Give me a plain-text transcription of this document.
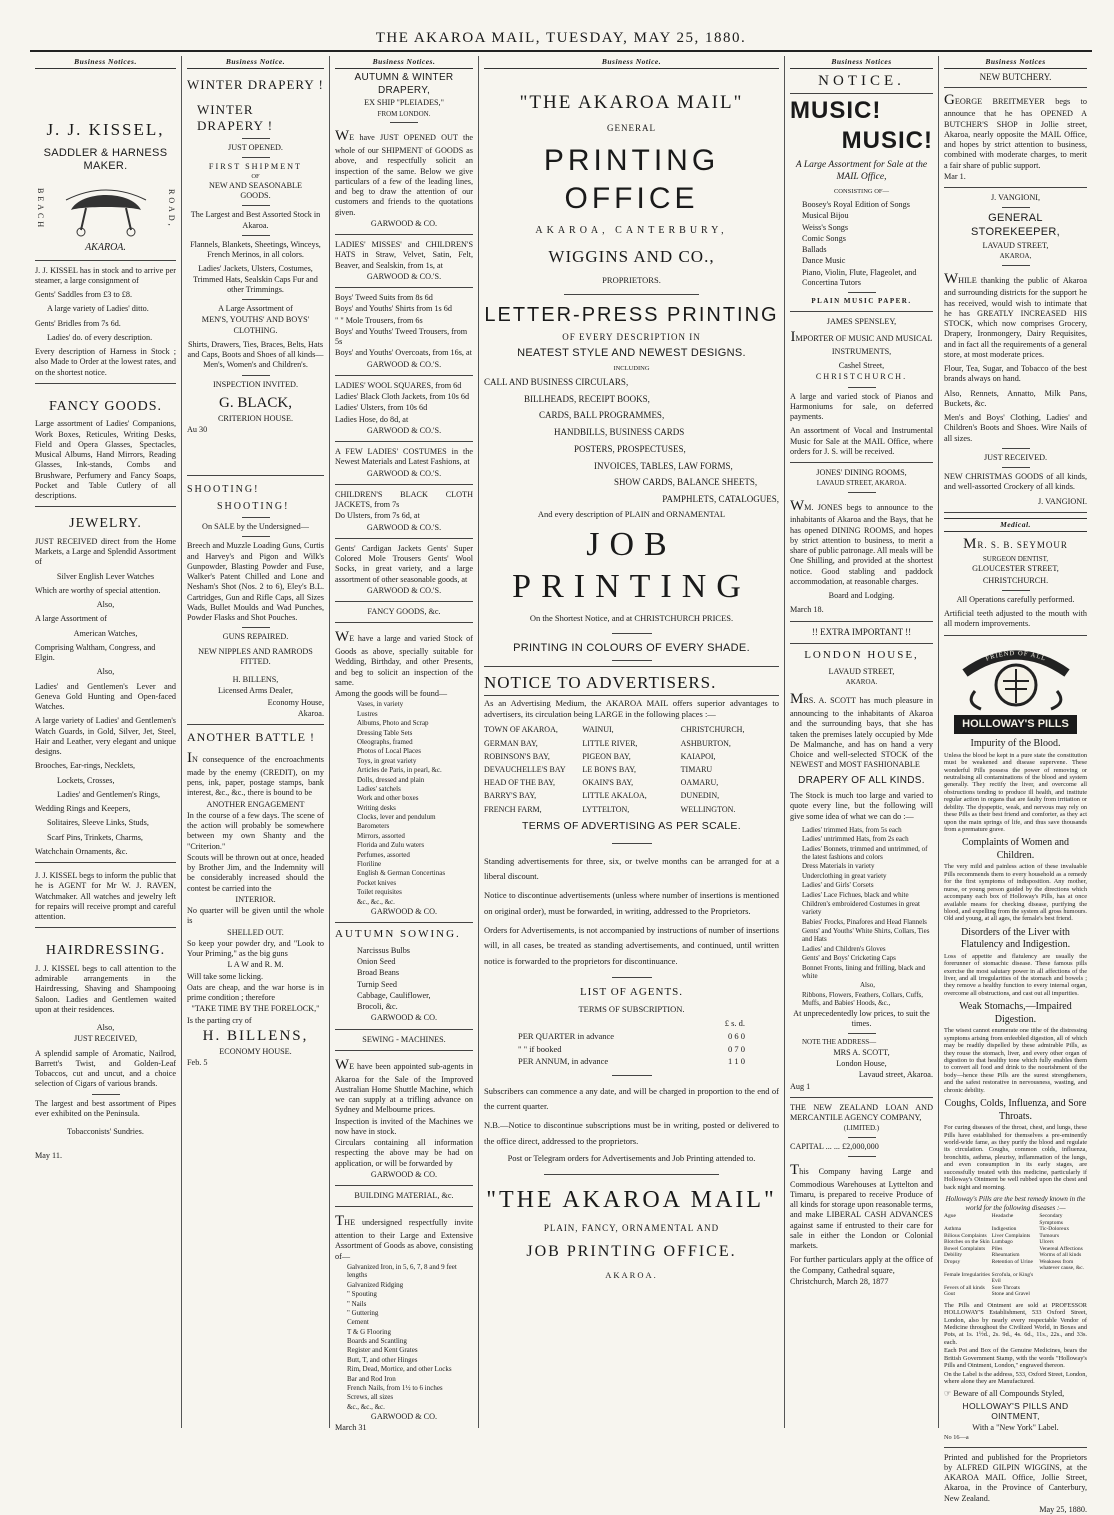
THE AKAROA MAIL, TUESDAY, MAY 25, 1880.
Business Notices.
J. J. KISSEL,
SADDLER & HARNESS MAKER.
BEACH	ROAD,
AKAROA.

J. J. KISSEL has in stock and to arrive per steamer, a large consignment of

Gents' Saddles from £3 to £8.

A large variety of Ladies' ditto.

Gents' Bridles from 7s 6d.

Ladies' do. of every description.

Every description of Harness in Stock ; also Made to Order at the lowest rates, and on the shortest notice.

FANCY GOODS.

Large assortment of Ladies' Companions, Work Boxes, Reticules, Writing Desks, Field and Opera Glasses, Spectacles, Musical Albums, Hand Mirrors, Reading Glasses, Ink-stands, Combs and Brushware, Perfumery and Fancy Soaps, Pocket and Table Cutlery of all descriptions.

JEWELRY.

JUST RECEIVED direct from the Home Markets, a Large and Splendid Assortment of

Silver English Lever Watches

Which are worthy of special attention.

Also,

A large Assortment of

American Watches,

Comprising Waltham, Congress, and Elgin.

Also,

Ladies' and Gentlemen's Lever and Geneva Gold Hunting and Open-faced Watches.

A large variety of Ladies' and Gentlemen's Watch Guards, in Gold, Silver, Jet, Steel, Hair and Leather, very elegant and unique designs.

Brooches, Ear-rings, Necklets,

Lockets, Crosses,

Ladies' and Gentlemen's Rings,

Wedding Rings and Keepers,

Solitaires, Sleeve Links, Studs,

Scarf Pins, Trinkets, Charms,

Watchchain Ornaments, &c.

J. J. KISSEL begs to inform the public that he is AGENT for Mr W. J. RAVEN, Watchmaker. All watches and jewelry left for repairs will receive prompt and careful attention.

HAIRDRESSING.

J. J. KISSEL begs to call attention to the admirable arrangements in the Hairdressing, Shaving and Shampooing Saloon. Ladies and Gentlemen waited upon at their residences.

Also,

JUST RECEIVED,

A splendid sample of Aromatic, Nailrod, Barrett's Twist, and Golden-Leaf Tobaccos, cut and uncut, and a choice selection of Cigars of various brands.

The largest and best assortment of Pipes ever exhibited on the Peninsula.

Tobacconists' Sundries.

May 11.

Business Notice.
WINTER DRAPERY !
WINTER DRAPERY !
JUST OPENED.
FIRST SHIPMENT
OF
NEW AND SEASONABLE
GOODS.

The Largest and Best Assorted Stock in Akaroa.

Flannels, Blankets, Sheetings, Winceys, French Merinos, in all colors.

Ladies' Jackets, Ulsters, Costumes, Trimmed Hats, Sealskin Caps Fur and other Trimmings.

A Large Assortment of

MEN'S, YOUTHS' AND BOYS' CLOTHING.

Shirts, Drawers, Ties, Braces, Belts, Hats and Caps, Boots and Shoes of all kinds—Men's, Women's and Children's.

INSPECTION INVITED.

G. BLACK,

CRITERION HOUSE.

Au 30

SHOOTING!
SHOOTING!

On SALE by the Undersigned—

Breech and Muzzle Loading Guns, Curtis and Harvey's and Pigon and Wilk's Gunpowder, Blasting Powder and Fuse, Walker's Patent Chilled and Lone and Nesham's Shot (Nos. 2 to 6), Eley's B.L. Cartridges, Gun and Rifle Caps, all Sizes Wads, Bullet Moulds and Wad Punches, Powder Flasks and Shot Pouches.

GUNS REPAIRED.

NEW NIPPLES AND RAMRODS FITTED.

H. BILLENS,

Licensed Arms Dealer,

Economy House,

Akaroa.

ANOTHER BATTLE !

IN consequence of the encroachments made by the enemy (CREDIT), on my pens, ink, paper, postage stamps, bank interest, &c., &c., there is bound to be

ANOTHER ENGAGEMENT

In the course of a few days. The scene of the action will probably be somewhere between my own Shanty and the "Criterion."

Scouts will be thrown out at once, headed by Brother Jim, and the Indemnity will be considerably increased should the contest be carried into the

INTERIOR.

No quarter will be given until the whole is

SHELLED OUT.

So keep your powder dry, and "Look to Your Priming," as the big guns

L A W and R. M.

Will take some licking.

Oats are cheap, and the war horse is in prime condition ; therefore

"TAKE TIME BY THE FORELOCK,"

Is the parting cry of

H. BILLENS,

ECONOMY HOUSE.

Feb. 5

Business Notices.
AUTUMN & WINTER DRAPERY,

EX SHIP "PLEIADES,"

FROM LONDON.

WE have JUST OPENED OUT the whole of our SHIPMENT of GOODS as above, and respectfully solicit an inspection of the same. Below we give particulars of a few of the leading lines, and beg to draw the attention of our customers and friends to the quotations given.

GARWOOD & CO.

LADIES' MISSES' and CHILDREN'S HATS in Straw, Velvet, Satin, Felt, Beaver, and Sealskin, from 1s, at

GARWOOD & CO.'S.

Boys' Tweed Suits from 8s 6d

Boys' and Youths' Shirts from 1s 6d

" " Mole Trousers, from 6s

Boys' and Youths' Tweed Trousers, from 5s

Boys' and Youths' Overcoats, from 16s, at

GARWOOD & CO.'S.

LADIES' WOOL SQUARES, from 6d

Ladies' Black Cloth Jackets, from 10s 6d

Ladies' Ulsters, from 10s 6d

Ladies Hose, do 8d, at

GARWOOD & CO.'S.

A FEW LADIES' COSTUMES in the Newest Materials and Latest Fashions, at

GARWOOD & CO.'S.

CHILDREN'S BLACK CLOTH JACKETS, from 7s

Do Ulsters, from 7s 6d, at

GARWOOD & CO.'S.

Gents' Cardigan Jackets Gents' Super Colored Mole Trousers Gents' Wool Socks, in great variety, and a large assortment of other seasonable goods, at

GARWOOD & CO.'S.

FANCY GOODS, &c.

WE have a large and varied Stock of Goods as above, specially suitable for Wedding, Birthday, and other Presents, and beg to solicit an inspection of the same.

Among the goods will be found—

Vases, in variety

Lustres

Albums, Photo and Scrap

Dressing Table Sets

Oleographs, framed

Photos of Local Places

Toys, in great variety

Articles de Paris, in pearl, &c.

Dolls, dressed and plain

Ladies' satchels

Work and other boxes

Writing desks

Clocks, lever and pendulum

Barometers

Mirrors, assorted

Florida and Zulu waters

Perfumes, assorted

Floriline

English & German Concertinas

Pocket knives

Toilet requisites

&c., &c., &c.

GARWOOD & CO.

AUTUMN SOWING.

Narcissus Bulbs

Onion Seed

Broad Beans

Turnip Seed

Cabbage, Cauliflower,

Brocoli, &c.

GARWOOD & CO.

SEWING - MACHINES.

WE have been appointed sub-agents in Akaroa for the Sale of the Improved Australian Home Shuttle Machine, which we can supply at a trifling advance on Sydney and Melbourne prices.

Inspection is invited of the Machines we now have in stock.

Circulars containing all information respecting the above may be had on application, or will be forwarded by

GARWOOD & CO.

BUILDING MATERIAL, &c.

THE undersigned respectfully invite attention to their Large and Extensive Assortment of Goods as above, consisting of—

Galvanized Iron, in 5, 6, 7, 8 and 9 feet lengths

Galvanized Ridging

" Spouting

" Nails

" Guttering

Cement

T & G Flooring

Boards and Scantling

Register and Kent Grates

Butt, T, and other Hinges

Rim, Dead, Mortice, and other Locks

Bar and Rod Iron

French Nails, from 1½ to 6 inches

Screws, all sizes

&c., &c., &c.

GARWOOD & CO.

March 31

Business Notice.
"THE AKAROA MAIL"
GENERAL
PRINTING OFFICE
AKAROA, CANTERBURY,
WIGGINS AND CO.,
PROPRIETORS.
LETTER-PRESS PRINTING
OF EVERY DESCRIPTION IN
NEATEST STYLE AND NEWEST DESIGNS.
INCLUDING

CALL AND BUSINESS CIRCULARS,

BILLHEADS, RECEIPT BOOKS,

CARDS, BALL PROGRAMMES,

HANDBILLS, BUSINESS CARDS

POSTERS, PROSPECTUSES,

INVOICES, TABLES, LAW FORMS,

SHOW CARDS, BALANCE SHEETS,

PAMPHLETS, CATALOGUES,

And every description of PLAIN and ORNAMENTAL

JOB PRINTING

On the Shortest Notice, and at CHRISTCHURCH PRICES.

PRINTING IN COLOURS OF EVERY SHADE.
NOTICE TO ADVERTISERS.

As an Advertising Medium, the AKAROA MAIL offers superior advantages to advertisers, its circulation being LARGE in the following places :—

TOWN OF AKAROA,	WAINUI,	CHRISTCHURCH,
GERMAN BAY,	LITTLE RIVER,	ASHBURTON,
ROBINSON'S BAY,	PIGEON BAY,	KAIAPOI,
DEVAUCHELLE'S BAY	LE BON'S BAY,	TIMARU
HEAD OF THE BAY,	OKAIN'S BAY,	OAMARU,
BARRY'S BAY,	LITTLE AKALOA,	DUNEDIN,
FRENCH FARM,	LYTTELTON,	WELLINGTON.
TERMS OF ADVERTISING AS PER SCALE.

Standing advertisements for three, six, or twelve months can be arranged for at a liberal discount.

Notice to discontinue advertisements (unless where number of insertions is mentioned on original order), must be forwarded, in writing, addressed to the Proprietors.

Orders for Advertisements, is not accompanied by instructions of number of insertions will, in all cases, be treated as standing advertisements, and continued, until written notice is forwarded to the proprietors for discontinuance.

LIST OF AGENTS.
TERMS OF SUBSCRIPTION.
£ s. d.
PER QUARTER in advance	0 6 0
" " if booked	0 7 0
PER ANNUM, in advance	1 1 0

Subscribers can commence a any date, and will be charged in proportion to the end of the current quarter.

N.B.—Notice to discontinue subscriptions must be in writing, posted or delivered to the office direct, addressed to the proprietors.

Post or Telegram orders for Advertisements and Job Printing attended to.

"THE AKAROA MAIL"
PLAIN, FANCY, ORNAMENTAL AND
JOB PRINTING OFFICE.
AKAROA.
Business Notices
NOTICE.
MUSIC!
MUSIC!

A Large Assortment for Sale at the MAIL Office,

CONSISTING OF—

Boosey's Royal Edition of Songs

Musical Bijou

Weiss's Songs

Comic Songs

Ballads

Dance Music

Piano, Violin, Flute, Flageolet, and Concertina Tutors

PLAIN MUSIC PAPER.

JAMES SPENSLEY,

IMPORTER OF MUSIC AND MUSICAL INSTRUMENTS,

Cashel Street,

CHRISTCHURCH.

A large and varied stock of Pianos and Harmoniums for sale, on deferred payments.

An assortment of Vocal and Instrumental Music for Sale at the MAIL Office, where orders for J. S. will be received.

JONES' DINING ROOMS,

LAVAUD STREET, AKAROA.

WM. JONES begs to announce to the inhabitants of Akaroa and the Bays, that he has opened DINING ROOMS, and hopes by strict attention to business, to merit a share of public patronage. All meals will be One Shilling, and provided at the shortest notice. Good stabling and paddock accommodation, at reasonable charges.

Board and Lodging.

March 18.

!! EXTRA IMPORTANT !!

LONDON HOUSE,

LAVAUD STREET,

AKAROA.

MRS. A. SCOTT has much pleasure in announcing to the inhabitants of Akaroa and the surrounding bays, that she has taken the premises lately occupied by Mde De Malmanche, and has on hand a very Choice and well-selected STOCK of the NEWEST and MOST FASHIONABLE

DRAPERY OF ALL KINDS.

The Stock is much too large and varied to quote every line, but the following will give some idea of what we can do :—

Ladies' trimmed Hats, from 5s each

Ladies' untrimmed Hats, from 2s each

Ladies' Bonnets, trimmed and untrimmed, of the latest fashions and colors

Dress Materials in variety

Underclothing in great variety

Ladies' and Girls' Corsets

Ladies' Lace Fichues, black and white

Children's embroidered Costumes in great variety

Babies' Frocks, Pinafores and Head Flannels

Gents' and Youths' White Shirts, Collars, Ties and Hats

Ladies' and Children's Gloves

Gents' and Boys' Cricketing Caps

Bonnet Fronts, lining and frilling, black and white

Also,

Ribbons, Flowers, Feathers, Collars, Cuffs, Muffs, and Babies' Hoods, &c.,

At unprecedentedly low prices, to suit the times.

NOTE THE ADDRESS—

MRS A. SCOTT,

London House,

Lavaud street, Akaroa.

Aug 1

THE NEW ZEALAND LOAN AND MERCANTILE AGENCY COMPANY,

(LIMITED.)

CAPITAL ... ... £2,000,000

This Company having Large and Commodious Warehouses at Lyttelton and Timaru, is prepared to receive Produce of all kinds for storage upon reasonable terms, and make LIBERAL CASH ADVANCES against same if entrusted to their care for sale in either the London or Colonial markets.

For further particulars apply at the office of the Company, Cathedral square,

Christchurch, March 28, 1877

Business Notices

NEW BUTCHERY.

GEORGE BREITMEYER begs to announce that he has OPENED A BUTCHER'S SHOP in Jollie street, Akaroa, nearly opposite the MAIL Office, and hopes by strict attention to business, combined with moderate charges, to merit a fair share of public support.

Mar 1.

J. VANGIONI,

GENERAL STOREKEEPER,

LAVAUD STREET,

AKAROA,

WHILE thanking the public of Akaroa and surrounding districts for the support he has received, would wish to intimate that he has GREATLY INCREASED HIS STOCK, which now comprises Grocery, Drapery, Ironmongery, Dairy Requisites, and in fact all the requirements of a general store, at most moderate prices.

Flour, Tea, Sugar, and Tobacco of the best brands always on hand.

Also, Rennets, Annatto, Milk Pans, Buckets, &c.

Men's and Boys' Clothing, Ladies' and Children's Boots and Shoes. Wire Nails of all sizes.

JUST RECEIVED.

NEW CHRISTMAS GOODS of all kinds, and well-assorted Crockery of all kinds.

J. VANGIONI.

Medical.

MR. S. B. SEYMOUR

SURGEON DENTIST,

GLOUCESTER STREET,

CHRISTCHURCH.

All Operations carefully performed.

Artificial teeth adjusted to the mouth with all modern improvements.

FRIEND OF ALL
HOLLOWAY'S PILLS

Impurity of the Blood.

Unless the blood be kept in a pure state the constitution must be weakened and disease supervene. These wonderful Pills possess the power of removing or neutralising all contaminations of the blood and system generally. They rectify the liver, and overcome all obstructions tending to produce ill health, and institute regular action in organs that are faulty from irritation or debility. The dyspeptic, weak, and nervous may rely on these Pills as their best friend and comforter, as they act upon the main springs of life, and thus save thousands from a premature grave.

Complaints of Women and Children.

The very mild and painless action of these invaluable Pills recommends them to every household as a remedy for the first symptoms of indisposition. Any mother, nurse, or young person guided by the directions which accompany each box of Holloway's Pills, has at once available means for checking disease, purifying the blood, and expelling from the system all gross humours. Old and young, at all ages, the female's best friend.

Disorders of the Liver with Flatulency and Indigestion.

Loss of appetite and flatulency are usually the forerunner of stomachic disease. These famous pills exercise the most salutary power in all affections of the liver, and all irregularities of the stomach and bowels ; they remove a healthy function to every internal organ, overcome all obstructions, and cast out all impurities.

Weak Stomachs,—Impaired Digestion.

The wisest cannot enumerate one tithe of the distressing symptoms arising from enfeebled digestion, all of which may be readily dispelled by these admirable Pills, as they rouse the stomach, liver, and every other organ of digestion to that healthy tone which fully enables them to convert all food and drink to the nourishment of the body—hence these Pills are the surest strengtheners, and the safest restorative in nervousness, wasting, and chronic debility.

Coughs, Colds, Influenza, and Sore Throats.

For curing diseases of the throat, chest, and lungs, these Pills have established for themselves a pre-eminently world-wide fame, as they purify the blood and regulate its circulation. Coughs, common colds, influenza, bronchitis, asthma, pleurisy, inflammation of the lungs, and even consumption in its early stages, are successfully treated with this medicine, particularly if Holloway's Ointment be well rubbed upon the chest and back night and morning.

Holloway's Pills are the best remedy known in the world for the following diseases :—

Ague	Headache	Secondary Symptoms
Asthma	Indigestion	Tic-Doloreux
Bilious Complaints Liver Complaints	Tumours
Blotches on the Skin Lumbago	Ulcers
Bowel Complaints	Piles	Venereal Affections
Debility	Rheumatism	Worms of all kinds
Dropsy	Retention of Urine	Weakness from whatever cause, &c.
Female Irregularities Scrofula, or King's Evil
Fevers of all kinds	Sore Throats
Gout	Stone and Gravel

The Pills and Ointment are sold at PROFESSOR HOLLOWAY'S Establishment, 533 Oxford Street, London, also by nearly every respectable Vendor of Medicine throughout the Civilized World, in Boxes and Pots, at 1s. 1½d., 2s. 9d., 4s. 6d., 11s., 22s., and 33s. each.

Each Pot and Box of the Genuine Medicines, bears the British Government Stamp, with the words "Holloway's Pills and Ointment, London," engraved thereon.

On the Label is the address, 533, Oxford Street, London, where alone they are Manufactured.

☞ Beware of all Compounds Styled,

HOLLOWAY'S PILLS AND OINTMENT,

With a "New York" Label.

No 16—a

Printed and published for the Proprietors by ALFRED GILPIN WIGGINS, at the AKAROA MAIL Office, Jollie Street, Akaroa, in the Province of Canterbury, New Zealand.

May 25, 1880.
